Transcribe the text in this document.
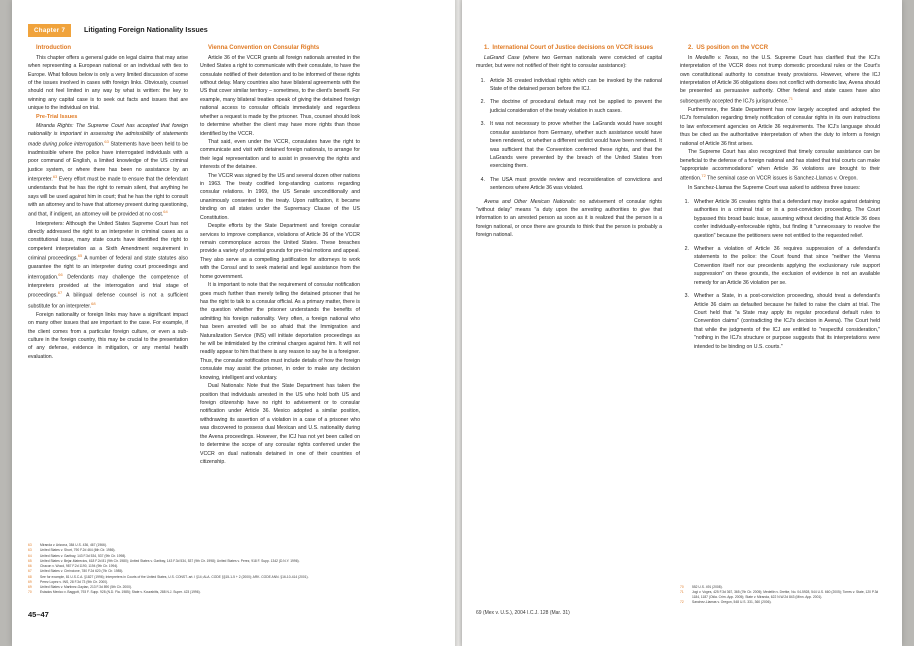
Chapter 7	Litigating Foreign Nationality Issues

Introduction

This chapter offers a general guide on legal claims that may arise when representing a European national or an individual with ties to Europe. What follows below is only a very limited discussion of some of the issues involved in cases with foreign links. Obviously, counsel should not feel limited in any way by what is written: the key to winning any capital case is to seek out facts and issues that are unique to the individual on trial.

Pre-Trial Issues

Miranda Rights: The Supreme Court has accepted that foreign nationality is important in assessing the admissibility of statements made during police interrogation.$^{63}$ Statements have been held to be inadmissible where the police have interrogated individuals with a poor command of English, a limited knowledge of the US criminal justice system, or where there has been no assistance by an interpreter.$^{63}$ Every effort must be made to ensure that the defendant understands that he has the right to remain silent, that anything he says will be used against him in court; that he has the right to consult with an attorney and to have that attorney present during questioning, and that, if indigent, an attorney will be provided at no cost.$^{64}$

Interpreters: Although the United States Supreme Court has not directly addressed the right to an interpreter in criminal cases as a constitutional issue, many state courts have identified the right to competent interpretation as a Sixth Amendment requirement in criminal proceedings.$^{65}$ A number of federal and state statutes also guarantee the right to an interpreter during court proceedings and interrogation.$^{66}$ Defendants may challenge the competence of interpreters provided at the interrogation and trial stage of proceedings.$^{67}$ A bilingual defense counsel is not a sufficient substitute for an interpreter.$^{68}$

Foreign nationality or foreign links may have a significant impact on many other issues that are important to the case. For example, if the client comes from a particular foreign culture, or even a sub-culture in the foreign country, this may be crucial to the presentation of any defense, evidence in mitigation, or any mental health evaluation.

Vienna Convention on Consular Rights

Article 36 of the VCCR grants all foreign nationals arrested in the United States a right to communicate with their consulate, to have the consulate notified of their detention and to be informed of these rights without delay. Many countries also have bilateral agreements with the US that cover similar territory – sometimes, to the client's benefit. For example, many bilateral treaties speak of giving the detained foreign national access to consular officials immediately and regardless whether a request is made by the prisoner. Thus, counsel should look to determine whether the client may have more rights than those identified by the VCCR.

That said, even under the VCCR, consulates have the right to communicate and visit with detained foreign nationals, to arrange for their legal representation and to assist in preserving the rights and interests of the detainee.

The VCCR was signed by the US and several dozen other nations in 1963. The treaty codified long-standing customs regarding consular relations. In 1969, the US Senate unconditionally and unanimously consented to the treaty. Upon ratification, it became binding on all states under the Supremacy Clause of the US Constitution.

Despite efforts by the State Department and foreign consular services to improve compliance, violations of Article 36 of the VCCR remain commonplace across the United States. These breaches provide a variety of potential grounds for pre-trial motions and appeal. They also serve as a compelling justification for attorneys to work with the Consul and to seek material and legal assistance from the home government.

It is important to note that the requirement of consular notification goes much further than merely telling the detained prisoner that he has the right to talk to a consular official. As a primary matter, there is the question whether the prisoner understands the benefits of admitting his foreign nationality. Very often, a foreign national who has been arrested will be so afraid that the Immigration and Naturalization Service (INS) will initiate deportation proceedings as he will be intimidated by the criminal charges against him. It will not readily appear to him that there is any reason to say he is a foreigner. Thus, the consular notification must include details of how the foreign consulate may assist the prisoner, in order to make any decision knowing, intelligent and voluntary.

Dual Nationals: Note that the State Department has taken the position that individuals arrested in the US who hold both US and foreign citizenship have no right to advisement or to consular notification under Article 36. Mexico adopted a similar position, withdrawing its assertion of a violation in a case of a prisoner who was discovered to possess dual Mexican and U.S. nationality during the Avena proceedings. However, the ICJ has not yet been called on to determine the scope of any consular rights conferred under the VCCR on dual nationals detained in one of their countries of citizenship.

63	Miranda v. Arizona, 384 U.S. 436, 467 (1966).
63	United States v. Short, 790 F.2d 464 (6th Cir. 1986).
64	United States v. Garibay, 143 F.3d 534, 537 (9th Cir. 1998).
65	United States v. Bejar-Matrecios, 618 F.2d 81 (9th Cir. 1980); United States v. Garibay, 143 F.3d 534, 537 (9th Cir. 1998); United States v. Perez, 918 F. Supp. 1342 (D.N.Y. 1996).
66	Chacon v. Wood, 987 F.2d 1190, 1194 (9th Cir. 1994).
67	United States v. Cirrincione, 780 F.2d 620 (7th Cir. 1985).
68	See for example, 81 U.S.C.A. §1827 (1996); Interpreters in Courts of the United States, U.S. CONST. art. I §14; ALA. CODE §§15-1-5 + 2 (2000); ARK. CODE ANN. §16-10-414 (2001).
69	Perez Lopez v. INS, 28 F.3d 73 (9th Cir. 2000).
69	United States v. Martinez-Gaytan, 213 F.3d 890 (5th Cir. 2000).
70	Estados Mexico v. Baggott, 793 F. Supp. 928 (N.D. Fla. 1985); State v. Kourabitis, 288 N.J. Super. 423 (1996).
45–47	69 (Mex v. U.S.), 2004 I.C.J. 128 (Mar. 31)

1. International Court of Justice decisions on VCCR issues

LaGrand Case (where two German nationals were convicted of capital murder, but were not notified of their right to consular assistance):

1. Article 36 created individual rights which can be invoked by the national State of the detained person before the ICJ.
2. The doctrine of procedural default may not be applied to prevent the judicial consideration of the treaty violation in such cases.
3. It was not necessary to prove whether the LaGrands would have sought consular assistance from Germany, whether such assistance would have been rendered, or whether a different verdict would have been rendered. It was sufficient that the Convention conferred these rights, and that the LaGrands were prevented by the breach of the United States from exercising them.
4. The USA must provide review and reconsideration of convictions and sentences where Article 36 was violated.

Avena and Other Mexican Nationals: no advisement of consular rights "without delay" means "a duty upon the arresting authorities to give that information to an arrested person as soon as it is realized that the person is a foreign national, or once there are grounds to think that the person is probably a foreign national.

2. US position on the VCCR

In Medellin v. Texas, no the U.S. Supreme Court has clarified that the ICJ's interpretation of the VCCR does not trump domestic procedural rules or the Court's own constitutional authority to construe treaty provisions. However, where the ICJ interpretation of Article 36 obligations does not conflict with domestic law, Avena should be presented as persuasive authority. Other federal and state cases have also subsequently accepted the ICJ's jurisprudence.$^{71}$

Furthermore, the State Department has now largely accepted and adopted the ICJ's formulation regarding timely notification of consular rights in its own instructions to law enforcement agencies on Article 36 requirements. The ICJ's language should thus be cited as the authoritative interpretation of when the duty to inform a foreign national of Article 36 first arises.

The Supreme Court has also recognized that timely consular assistance can be beneficial to the defense of a foreign national and has stated that trial courts can make "appropriate accommodations" when Article 36 violations are brought to their attention.$^{72}$ The seminal case on VCCR issues is Sanchez-Llamas v. Oregon.

In Sanchez-Llamas the Supreme Court was asked to address three issues:

1. Whether Article 36 creates rights that a defendant may invoke against detaining authorities in a criminal trial or in a post-conviction proceeding. The Court bypassed this broad basic issue, assuming without deciding that Article 36 does confer individually-enforceable rights, but finding it "unnecessary to resolve the question" because the petitioners were not entitled to the requested relief.
2. Whether a violation of Article 36 requires suppression of a defendant's statements to the police: the Court found that since "neither the Vienna Convention itself nor our precedents applying the exclusionary rule support suppression" on these grounds, the exclusion of evidence is not an available remedy for an Article 36 violation per se.
3. Whether a State, in a post-conviction proceeding, should treat a defendant's Article 36 claim as defaulted because he failed to raise the claim at trial. The Court held that "a State may apply its regular procedural default rules to Convention claims" (contradicting the ICJ's decision in Avena). The Court held that while the judgments of the ICJ are entitled to "respectful consideration," "nothing in the ICJ's structure or purpose suggests that its interpretations were intended to be binding on U.S. courts."
70	552 U.S. 491 (2008).
71	Jogi v. Voges, 425 F.3d 367, 365 (7th Cir. 2005); Medellin v. Dretke, No. 04-5928, 544 U.S. 660 (2005); Torres v. State, 120 P.3d 1184, 1187 (Okla. Crim. App. 2005); State v. Miranda, 622 N.W.2d 843 (Minn. App. 2001).
72	Sanchez-Llamas v. Oregon, 548 U.S. 331, 360 (2006).
